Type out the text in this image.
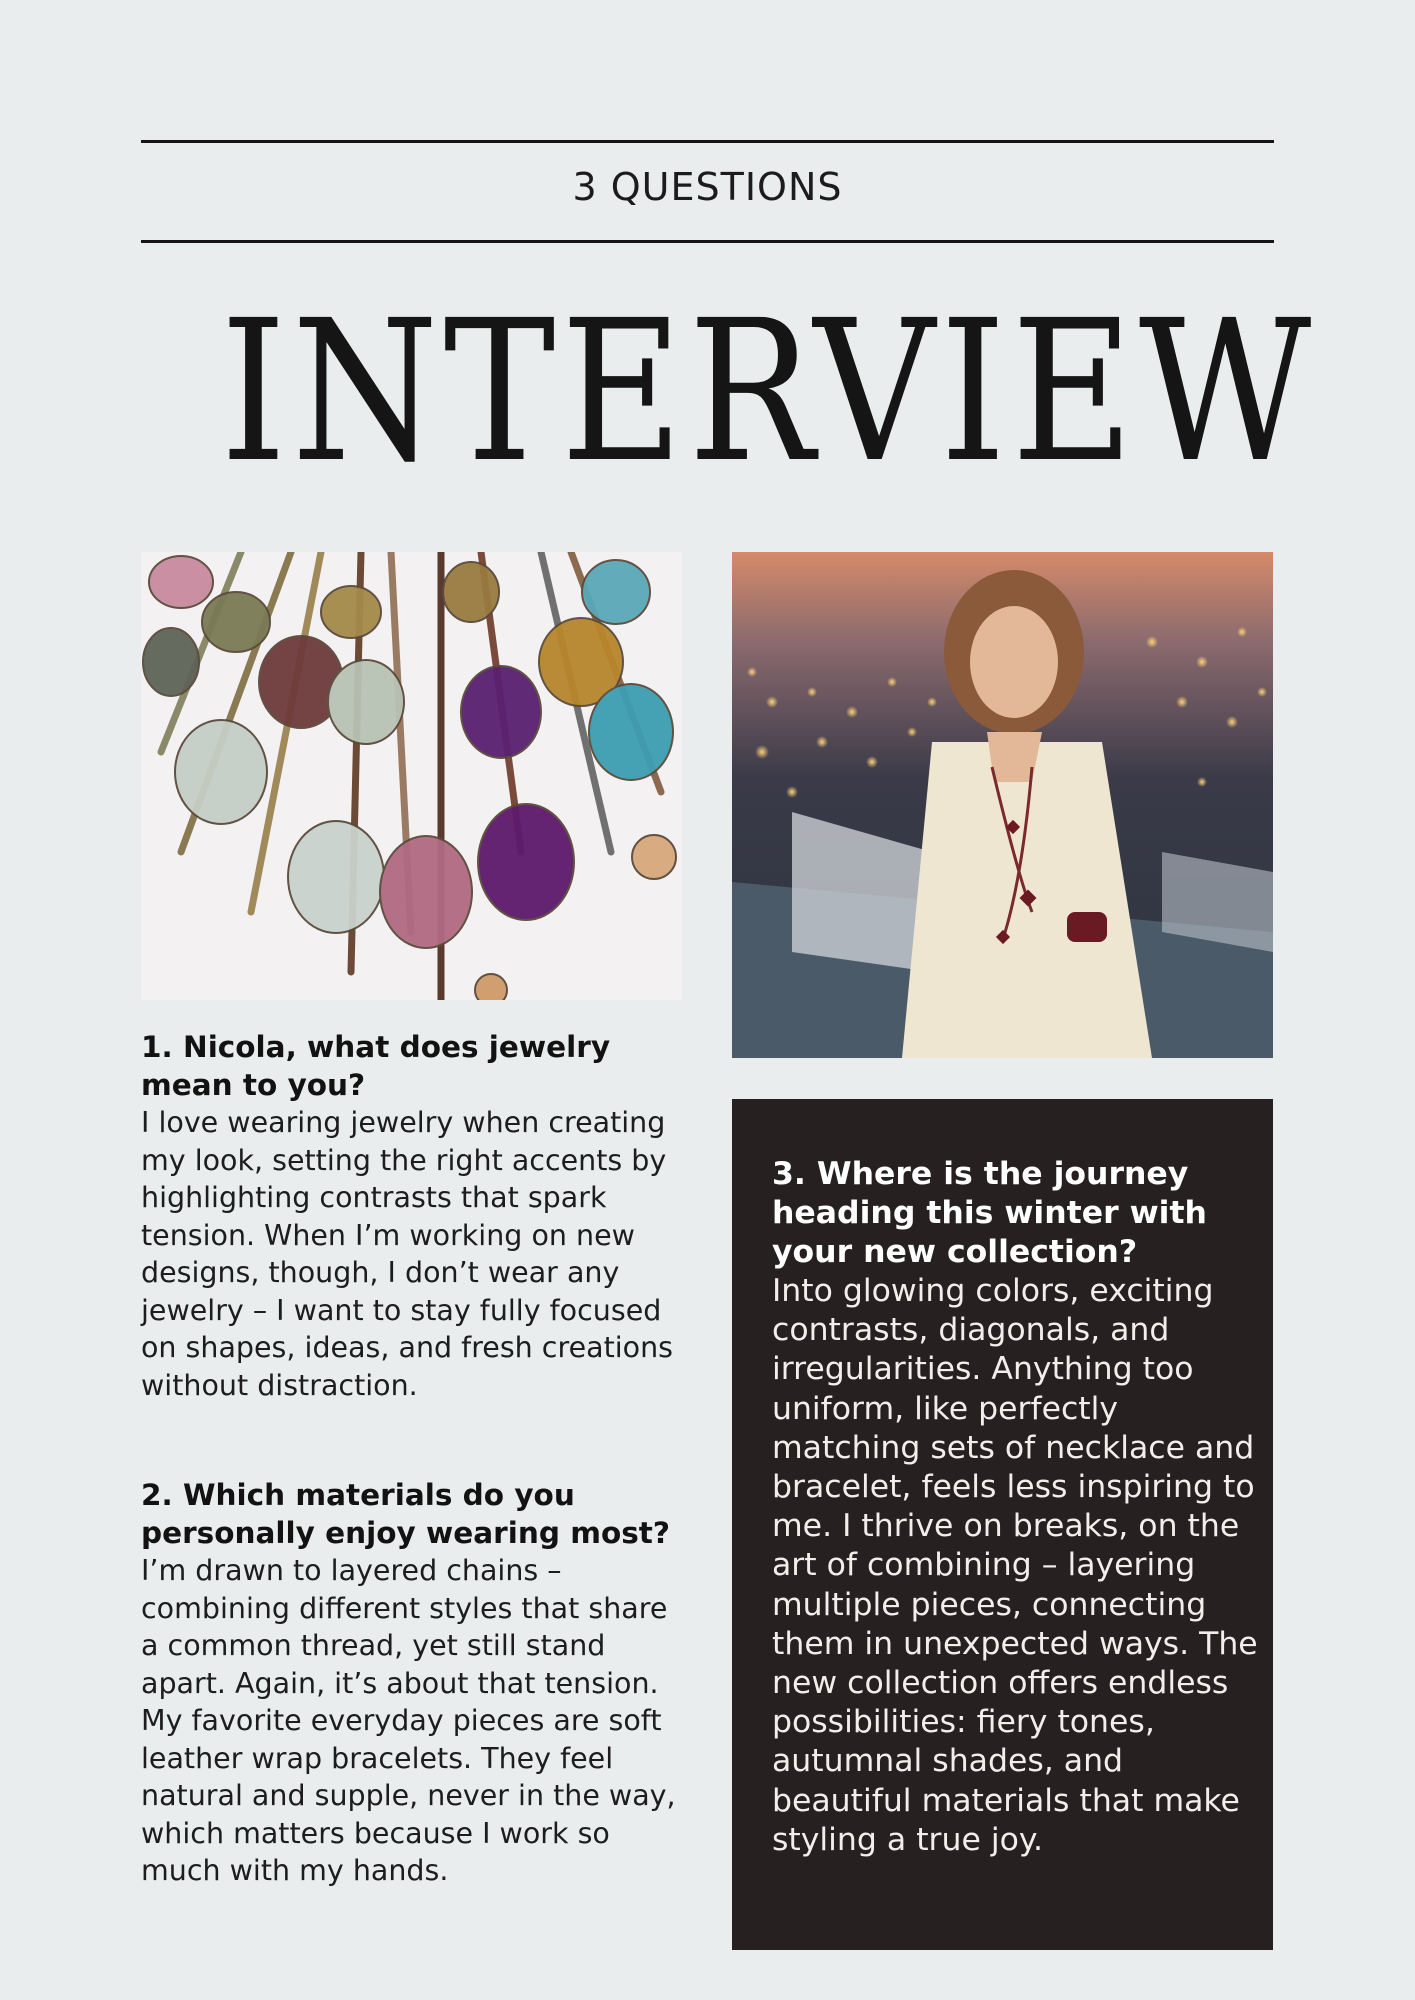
3 QUESTIONS
INTERVIEW

1. Nicola, what does jewelry mean to you?

I love wearing jewelry when creating my look, setting the right accents by highlighting contrasts that spark tension. When I’m working on new designs, though, I don’t wear any jewelry – I want to stay fully focused on shapes, ideas, and fresh creations without distraction.

2. Which materials do you personally enjoy wearing most?

I’m drawn to layered chains – combining different styles that share a common thread, yet still stand apart. Again, it’s about that tension. My favorite everyday pieces are soft leather wrap bracelets. They feel natural and supple, never in the way, which matters because I work so much with my hands.

3. Where is the journey heading this winter with your new collection?

Into glowing colors, exciting contrasts, diagonals, and irregularities. Anything too uniform, like perfectly matching sets of necklace and bracelet, feels less inspiring to me. I thrive on breaks, on the art of combining – layering multiple pieces, connecting them in unexpected ways. The new collection offers endless possibilities: fiery tones, autumnal shades, and beautiful materials that make styling a true joy.
